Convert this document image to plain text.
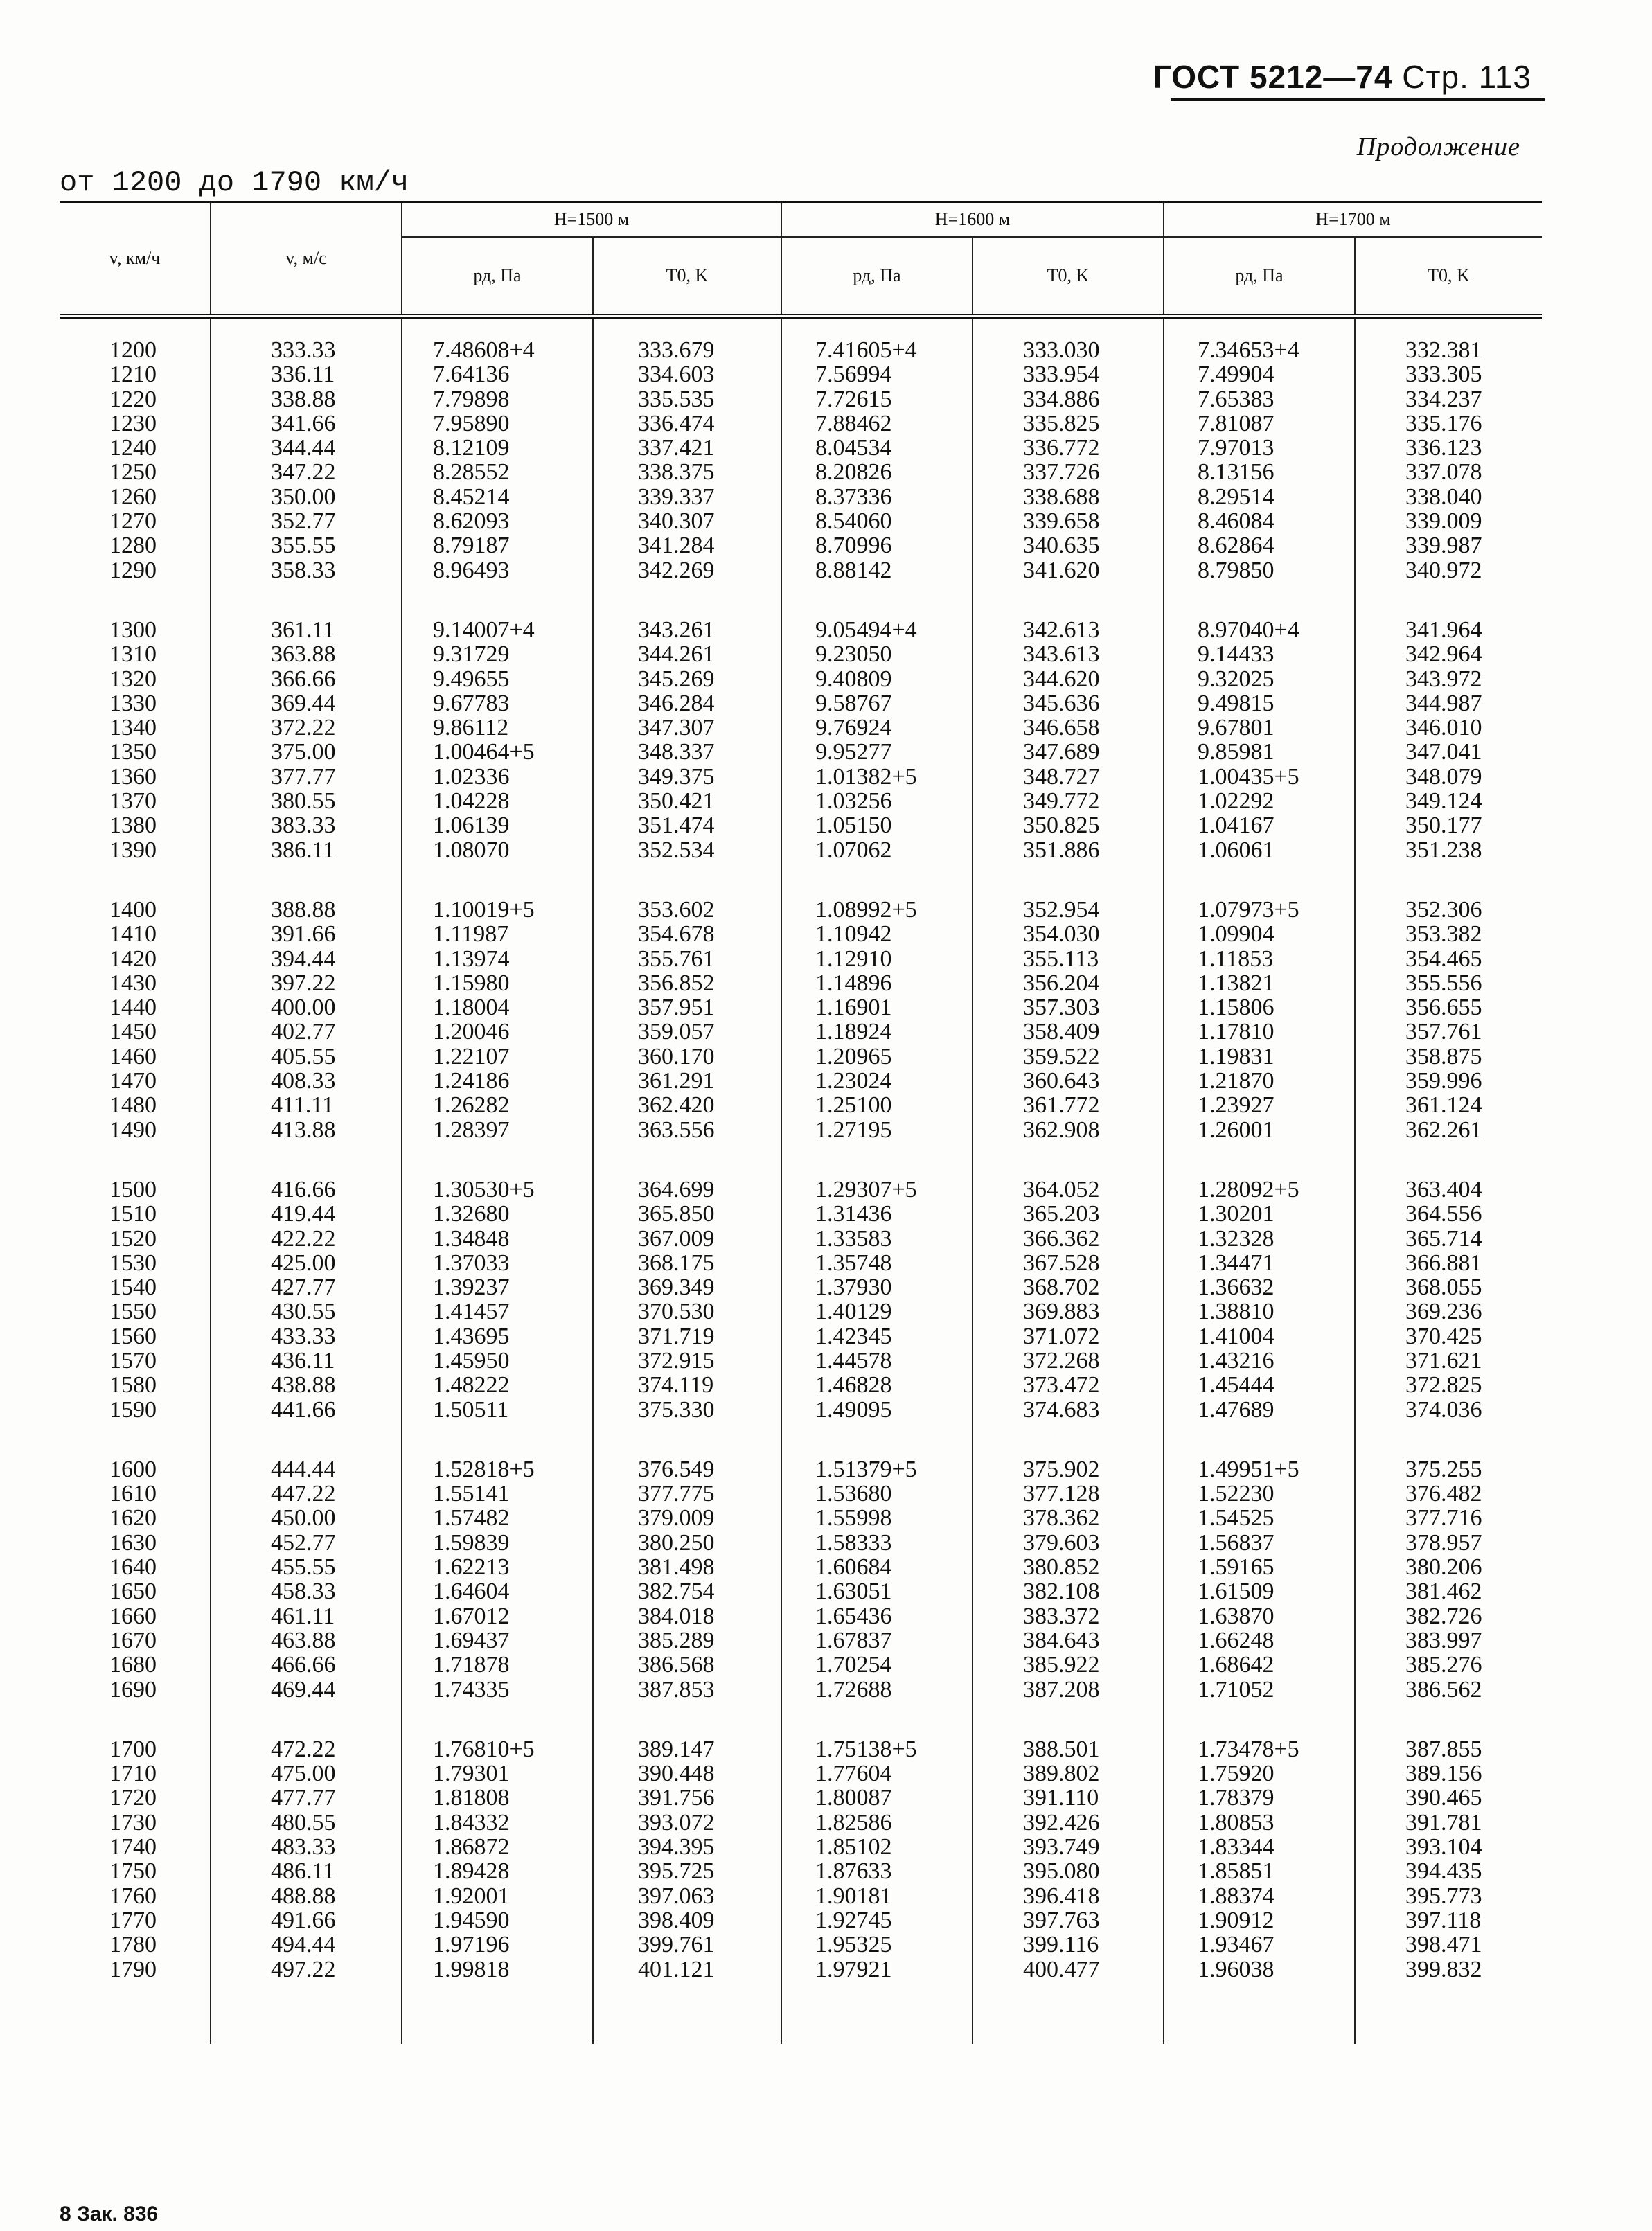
ГОСТ 5212—74 Стр. 113
Продолжение
от 1200 до 1790 км/ч
v, км/ч	v, м/с	H=1500 м		H=1600 м		H=1700 м	
		рд, Па	T0, K	рд, Па	T0, K	рд, Па	T0, K
1200	333.33	7.48608+4	333.679	7.41605+4	333.030	7.34653+4	332.381
1210	336.11	7.64136	334.603	7.56994	333.954	7.49904	333.305
1220	338.88	7.79898	335.535	7.72615	334.886	7.65383	334.237
1230	341.66	7.95890	336.474	7.88462	335.825	7.81087	335.176
1240	344.44	8.12109	337.421	8.04534	336.772	7.97013	336.123
1250	347.22	8.28552	338.375	8.20826	337.726	8.13156	337.078
1260	350.00	8.45214	339.337	8.37336	338.688	8.29514	338.040
1270	352.77	8.62093	340.307	8.54060	339.658	8.46084	339.009
1280	355.55	8.79187	341.284	8.70996	340.635	8.62864	339.987
1290	358.33	8.96493	342.269	8.88142	341.620	8.79850	340.972

1300	361.11	9.14007+4	343.261	9.05494+4	342.613	8.97040+4	341.964
1310	363.88	9.31729	344.261	9.23050	343.613	9.14433	342.964
1320	366.66	9.49655	345.269	9.40809	344.620	9.32025	343.972
1330	369.44	9.67783	346.284	9.58767	345.636	9.49815	344.987
1340	372.22	9.86112	347.307	9.76924	346.658	9.67801	346.010
1350	375.00	1.00464+5	348.337	9.95277	347.689	9.85981	347.041
1360	377.77	1.02336	349.375	1.01382+5	348.727	1.00435+5	348.079
1370	380.55	1.04228	350.421	1.03256	349.772	1.02292	349.124
1380	383.33	1.06139	351.474	1.05150	350.825	1.04167	350.177
1390	386.11	1.08070	352.534	1.07062	351.886	1.06061	351.238

1400	388.88	1.10019+5	353.602	1.08992+5	352.954	1.07973+5	352.306
1410	391.66	1.11987	354.678	1.10942	354.030	1.09904	353.382
1420	394.44	1.13974	355.761	1.12910	355.113	1.11853	354.465
1430	397.22	1.15980	356.852	1.14896	356.204	1.13821	355.556
1440	400.00	1.18004	357.951	1.16901	357.303	1.15806	356.655
1450	402.77	1.20046	359.057	1.18924	358.409	1.17810	357.761
1460	405.55	1.22107	360.170	1.20965	359.522	1.19831	358.875
1470	408.33	1.24186	361.291	1.23024	360.643	1.21870	359.996
1480	411.11	1.26282	362.420	1.25100	361.772	1.23927	361.124
1490	413.88	1.28397	363.556	1.27195	362.908	1.26001	362.261

1500	416.66	1.30530+5	364.699	1.29307+5	364.052	1.28092+5	363.404
1510	419.44	1.32680	365.850	1.31436	365.203	1.30201	364.556
1520	422.22	1.34848	367.009	1.33583	366.362	1.32328	365.714
1530	425.00	1.37033	368.175	1.35748	367.528	1.34471	366.881
1540	427.77	1.39237	369.349	1.37930	368.702	1.36632	368.055
1550	430.55	1.41457	370.530	1.40129	369.883	1.38810	369.236
1560	433.33	1.43695	371.719	1.42345	371.072	1.41004	370.425
1570	436.11	1.45950	372.915	1.44578	372.268	1.43216	371.621
1580	438.88	1.48222	374.119	1.46828	373.472	1.45444	372.825
1590	441.66	1.50511	375.330	1.49095	374.683	1.47689	374.036

1600	444.44	1.52818+5	376.549	1.51379+5	375.902	1.49951+5	375.255
1610	447.22	1.55141	377.775	1.53680	377.128	1.52230	376.482
1620	450.00	1.57482	379.009	1.55998	378.362	1.54525	377.716
1630	452.77	1.59839	380.250	1.58333	379.603	1.56837	378.957
1640	455.55	1.62213	381.498	1.60684	380.852	1.59165	380.206
1650	458.33	1.64604	382.754	1.63051	382.108	1.61509	381.462
1660	461.11	1.67012	384.018	1.65436	383.372	1.63870	382.726
1670	463.88	1.69437	385.289	1.67837	384.643	1.66248	383.997
1680	466.66	1.71878	386.568	1.70254	385.922	1.68642	385.276
1690	469.44	1.74335	387.853	1.72688	387.208	1.71052	386.562

1700	472.22	1.76810+5	389.147	1.75138+5	388.501	1.73478+5	387.855
1710	475.00	1.79301	390.448	1.77604	389.802	1.75920	389.156
1720	477.77	1.81808	391.756	1.80087	391.110	1.78379	390.465
1730	480.55	1.84332	393.072	1.82586	392.426	1.80853	391.781
1740	483.33	1.86872	394.395	1.85102	393.749	1.83344	393.104
1750	486.11	1.89428	395.725	1.87633	395.080	1.85851	394.435
1760	488.88	1.92001	397.063	1.90181	396.418	1.88374	395.773
1770	491.66	1.94590	398.409	1.92745	397.763	1.90912	397.118
1780	494.44	1.97196	399.761	1.95325	399.116	1.93467	398.471
1790	497.22	1.99818	401.121	1.97921	400.477	1.96038	399.832

8 Зак. 836
